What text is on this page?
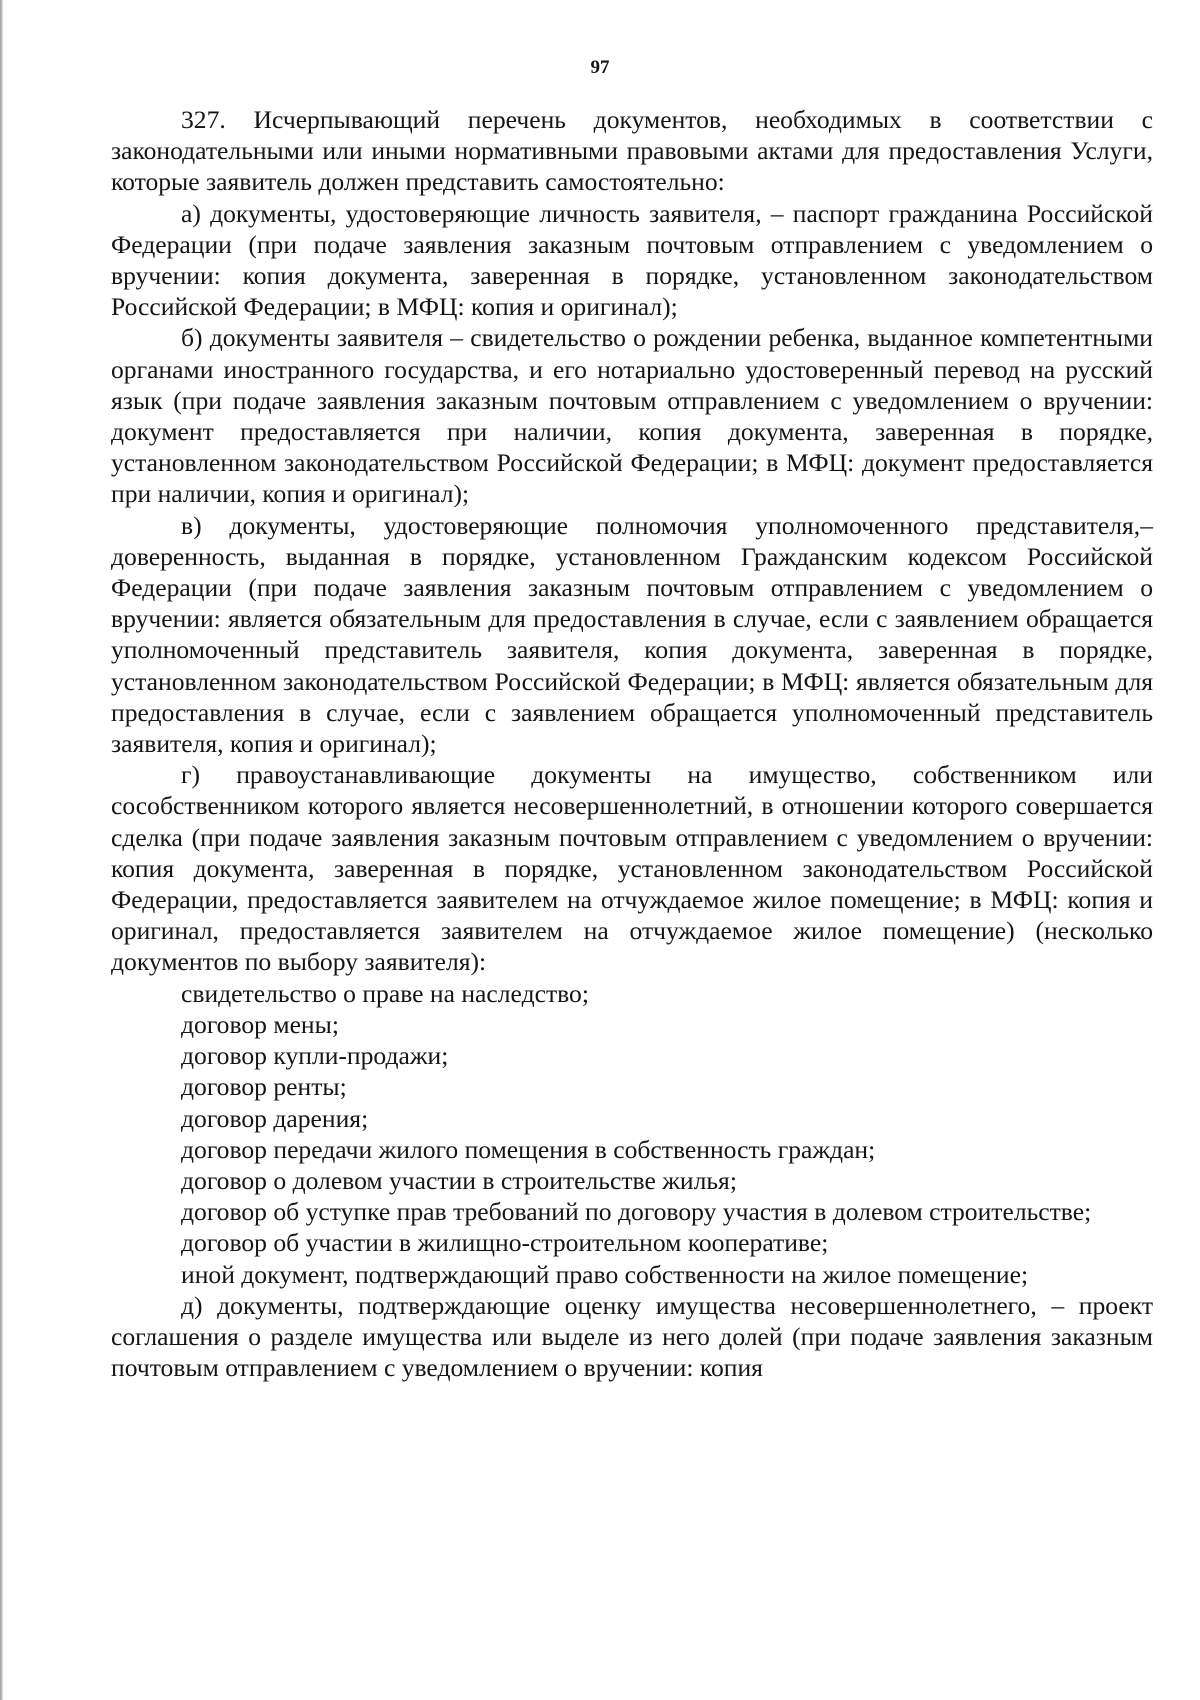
97

327. Исчерпывающий перечень документов, необходимых в соответствии с законодательными или иными нормативными правовыми актами для предоставления Услуги, которые заявитель должен представить самостоятельно:

а) документы, удостоверяющие личность заявителя, – паспорт гражданина Российской Федерации (при подаче заявления заказным почтовым отправлением с уведомлением о вручении: копия документа, заверенная в порядке, установленном законодательством Российской Федерации; в МФЦ: копия и оригинал);

б) документы заявителя – свидетельство о рождении ребенка, выданное компетентными органами иностранного государства, и его нотариально удостоверенный перевод на русский язык (при подаче заявления заказным почтовым отправлением с уведомлением о вручении: документ предоставляется при наличии, копия документа, заверенная в порядке, установленном законодательством Российской Федерации; в МФЦ: документ предоставляется при наличии, копия и оригинал);

в) документы, удостоверяющие полномочия уполномоченного представителя,– доверенность, выданная в порядке, установленном Гражданским кодексом Российской Федерации (при подаче заявления заказным почтовым отправлением с уведомлением о вручении: является обязательным для предоставления в случае, если с заявлением обращается уполномоченный представитель заявителя, копия документа, заверенная в порядке, установленном законодательством Российской Федерации; в МФЦ: является обязательным для предоставления в случае, если с заявлением обращается уполномоченный представитель заявителя, копия и оригинал);

г) правоустанавливающие документы на имущество, собственником или сособственником которого является несовершеннолетний, в отношении которого совершается сделка (при подаче заявления заказным почтовым отправлением с уведомлением о вручении: копия документа, заверенная в порядке, установленном законодательством Российской Федерации, предоставляется заявителем на отчуждаемое жилое помещение; в МФЦ: копия и оригинал, предоставляется заявителем на отчуждаемое жилое помещение) (несколько документов по выбору заявителя):

свидетельство о праве на наследство;

договор мены;

договор купли-продажи;

договор ренты;

договор дарения;

договор передачи жилого помещения в собственность граждан;

договор о долевом участии в строительстве жилья;

договор об уступке прав требований по договору участия в долевом строительстве;

договор об участии в жилищно-строительном кооперативе;

иной документ, подтверждающий право собственности на жилое помещение;

д) документы, подтверждающие оценку имущества несовершеннолетнего, – проект соглашения о разделе имущества или выделе из него долей (при подаче заявления заказным почтовым отправлением с уведомлением о вручении: копия
